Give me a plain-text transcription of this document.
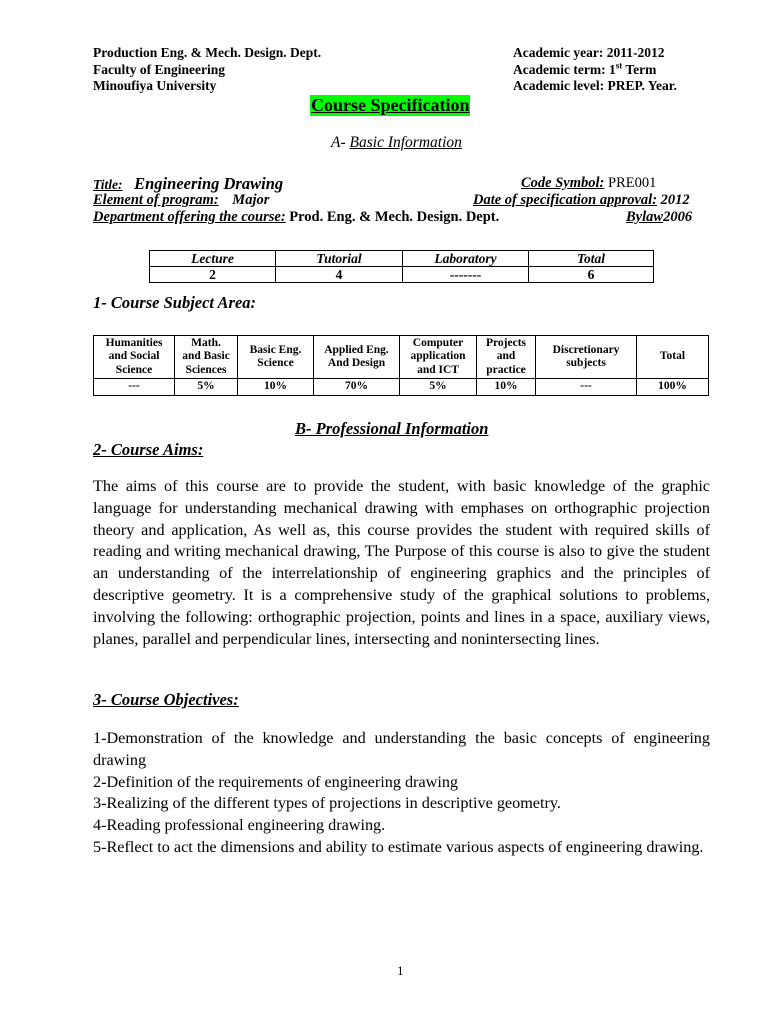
Production Eng. & Mech. Design. Dept.
Faculty of Engineering
Minoufiya University
Academic year: 2011-2012
Academic term: 1st Term
Academic level: PREP. Year.
Course Specification
A- Basic Information
Title: Engineering Drawing	Code Symbol: PRE001
Element of program: Major	Date of specification approval: 2012
Department offering the course: Prod. Eng. & Mech. Design. Dept.	Bylaw2006
Lecture	Tutorial	Laboratory	Total
2	4	-------	6
1- Course Subject Area:
Humanities
and Social
Science	Math.
and Basic
Sciences	Basic Eng.
Science	Applied Eng.
And Design	Computer
application
and ICT	Projects
and
practice	Discretionary
subjects	Total
---	5%	10%	70%	5%	10%	---	100%
B- Professional Information
2- Course Aims:

The aims of this course are to provide the student, with basic knowledge of the graphic language for understanding mechanical drawing with emphases on orthographic projection theory and application, As well as, this course provides the student with required skills of reading and writing mechanical drawing, The Purpose of this course is also to give the student an understanding of the interrelationship of engineering graphics and the principles of descriptive geometry. It is a comprehensive study of the graphical solutions to problems, involving the following: orthographic projection, points and lines in a space, auxiliary views, planes, parallel and perpendicular lines, intersecting and nonintersecting lines.

3- Course Objectives:

1-Demonstration of the knowledge and understanding the basic concepts of engineering drawing

2-Definition of the requirements of engineering drawing

3-Realizing of the different types of projections in descriptive geometry.

4-Reading professional engineering drawing.

5-Reflect to act the dimensions and ability to estimate various aspects of engineering drawing.

1
